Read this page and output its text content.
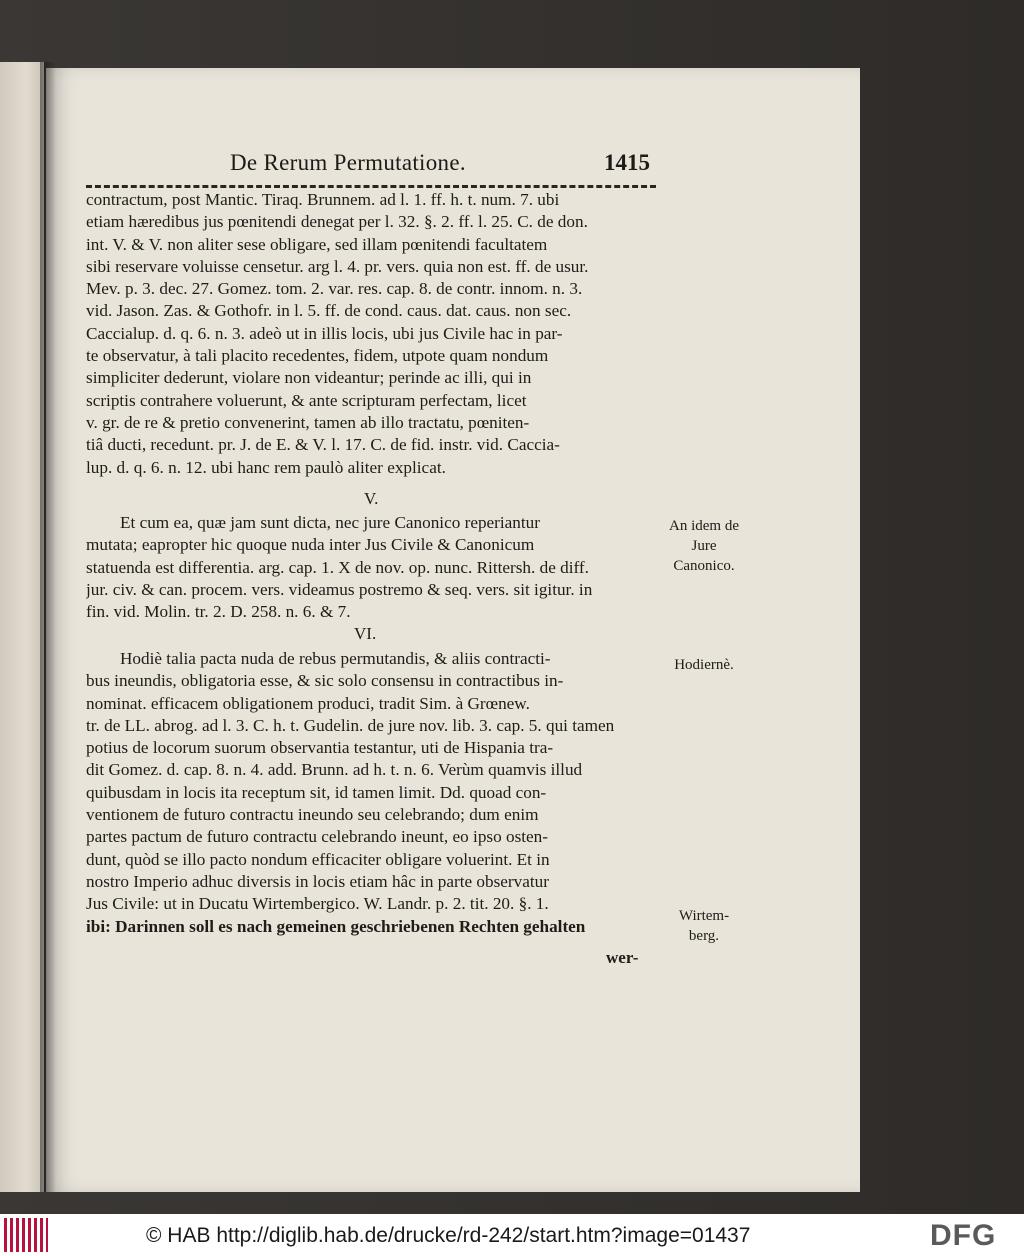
De Rerum Permutatione.	1415
contractum, post Mantic. Tiraq. Brunnem. ad l. 1. ff. h. t. num. 7. ubi
etiam hæredibus jus pœnitendi denegat per l. 32. §. 2. ff. l. 25. C. de don.
int. V. & V. non aliter sese obligare, sed illam pœnitendi facultatem
sibi reservare voluisse censetur. arg l. 4. pr. vers. quia non est. ff. de usur.
Mev. p. 3. dec. 27. Gomez. tom. 2. var. res. cap. 8. de contr. innom. n. 3.
vid. Jason. Zas. & Gothofr. in l. 5. ff. de cond. caus. dat. caus. non sec.
Caccialup. d. q. 6. n. 3. adeò ut in illis locis, ubi jus Civile hac in par-
te observatur, à tali placito recedentes, fidem, utpote quam nondum
simpliciter dederunt, violare non videantur; perinde ac illi, qui in
scriptis contrahere voluerunt, & ante scripturam perfectam, licet
v. gr. de re & pretio convenerint, tamen ab illo tractatu, pœniten-
tiâ ducti, recedunt. pr. J. de E. & V. l. 17. C. de fid. instr. vid. Caccia-
lup. d. q. 6. n. 12. ubi hanc rem paulò aliter explicat.
V.
Et cum ea, quæ jam sunt dicta, nec jure Canonico reperiantur
mutata; eapropter hic quoque nuda inter Jus Civile & Canonicum
statuenda est differentia. arg. cap. 1. X de nov. op. nunc. Rittersh. de diff.
jur. civ. & can. procem. vers. videamus postremo & seq. vers. sit igitur. in
fin. vid. Molin. tr. 2. D. 258. n. 6. & 7.
VI.
Hodiè talia pacta nuda de rebus permutandis, & aliis contracti-
bus ineundis, obligatoria esse, & sic solo consensu in contractibus in-
nominat. efficacem obligationem produci, tradit Sim. à Grœnew.
tr. de LL. abrog. ad l. 3. C. h. t. Gudelin. de jure nov. lib. 3. cap. 5. qui tamen
potius de locorum suorum observantia testantur, uti de Hispania tra-
dit Gomez. d. cap. 8. n. 4. add. Brunn. ad h. t. n. 6. Verùm quamvis illud
quibusdam in locis ita receptum sit, id tamen limit. Dd. quoad con-
ventionem de futuro contractu ineundo seu celebrando; dum enim
partes pactum de futuro contractu celebrando ineunt, eo ipso osten-
dunt, quòd se illo pacto nondum efficaciter obligare voluerint. Et in
nostro Imperio adhuc diversis in locis etiam hâc in parte observatur
Jus Civile: ut in Ducatu Wirtembergico. W. Landr. p. 2. tit. 20. §. 1.
ibi: Darinnen soll es nach gemeinen geschriebenen Rechten gehalten
wer-
An idem de Jure Canonico.
Hodiernè.
Wirtem- berg.
© HAB http://diglib.hab.de/drucke/rd-242/start.htm?image=01437	DFG
